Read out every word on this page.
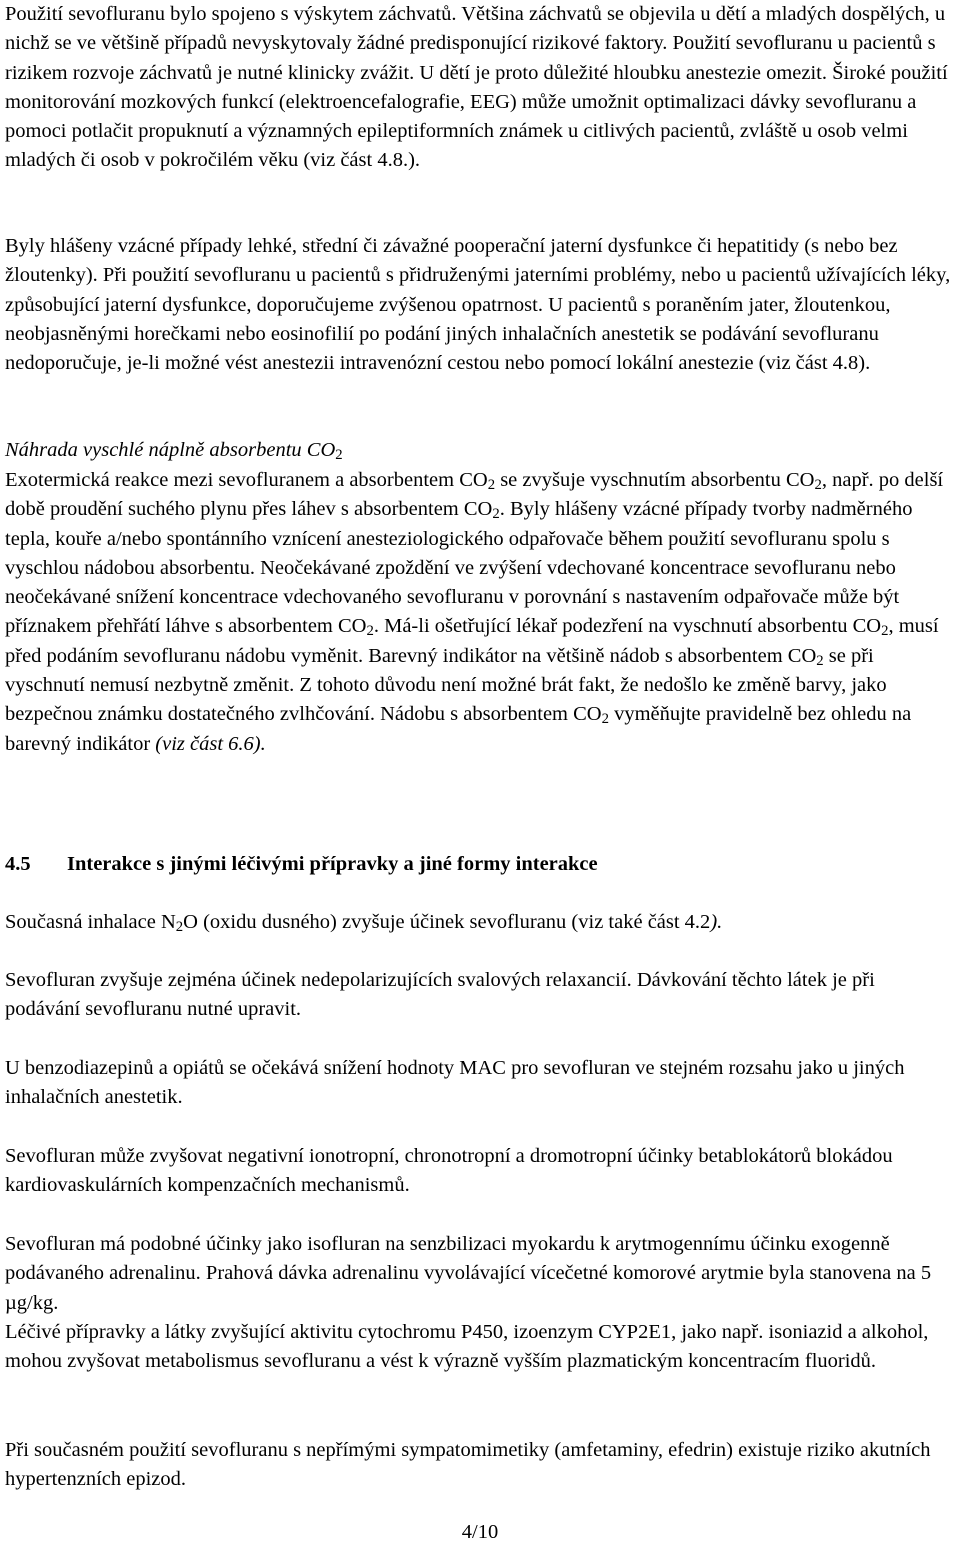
Použití sevofluranu bylo spojeno s výskytem záchvatů. Většina záchvatů se objevila u dětí a mladých dospělých, u nichž se ve většině případů nevyskytovaly žádné predisponující rizikové faktory. Použití sevofluranu u pacientů s rizikem rozvoje záchvatů je nutné klinicky zvážit. U dětí je proto důležité hloubku anestezie omezit. Široké použití monitorování mozkových funkcí (elektroencefalografie, EEG) může umožnit optimalizaci dávky sevofluranu a pomoci potlačit propuknutí a významných epileptiformních známek u citlivých pacientů, zvláště u osob velmi mladých či osob v pokročilém věku (viz část 4.8.).

Byly hlášeny vzácné případy lehké, střední či závažné pooperační jaterní dysfunkce či hepatitidy (s nebo bez žloutenky). Při použití sevofluranu u pacientů s přidruženými jaterními problémy, nebo u pacientů užívajících léky, způsobující jaterní dysfunkce, doporučujeme zvýšenou opatrnost. U pacientů s poraněním jater, žloutenkou, neobjasněnými horečkami nebo eosinofilií po podání jiných inhalačních anestetik se podávání sevofluranu nedoporučuje, je-li možné vést anestezii intravenózní cestou nebo pomocí lokální anestezie (viz část 4.8).

Náhrada vyschlé náplně absorbentu $CO_2$

Exotermická reakce mezi sevofluranem a absorbentem $CO_2$ se zvyšuje vyschnutím absorbentu $CO_2$, např. po delší době proudění suchého plynu přes láhev s absorbentem $CO_2$. Byly hlášeny vzácné případy tvorby nadměrného tepla, kouře a/nebo spontánního vznícení anesteziologického odpařovače během použití sevofluranu spolu s vyschlou nádobou absorbentu. Neočekávané zpoždění ve zvýšení vdechované koncentrace sevofluranu nebo neočekávané snížení koncentrace vdechovaného sevofluranu v porovnání s nastavením odpařovače může být příznakem přehřátí láhve s absorbentem $CO_2$. Má-li ošetřující lékař podezření na vyschnutí absorbentu $CO_2$, musí před podáním sevofluranu nádobu vyměnit. Barevný indikátor na většině nádob s absorbentem $CO_2$ se při vyschnutí nemusí nezbytně změnit. Z tohoto důvodu není možné brát fakt, že nedošlo ke změně barvy, jako bezpečnou známku dostatečného zvlhčování. Nádobu s absorbentem $CO_2$ vyměňujte pravidelně bez ohledu na barevný indikátor (viz část 6.6).

4.5 Interakce s jinými léčivými přípravky a jiné formy interakce

Současná inhalace $N_2O$ (oxidu dusného) zvyšuje účinek sevofluranu (viz také část 4.2).

Sevofluran zvyšuje zejména účinek nedepolarizujících svalových relaxancií. Dávkování těchto látek je při podávání sevofluranu nutné upravit.

U benzodiazepinů a opiátů se očekává snížení hodnoty MAC pro sevofluran ve stejném rozsahu jako u jiných inhalačních anestetik.

Sevofluran může zvyšovat negativní ionotropní, chronotropní a dromotropní účinky betablokátorů blokádou kardiovaskulárních kompenzačních mechanismů.

Sevofluran má podobné účinky jako isofluran na senzbilizaci myokardu k arytmogennímu účinku exogenně podávaného adrenalinu. Prahová dávka adrenalinu vyvolávající vícečetné komorové arytmie byla stanovena na 5 µg/kg.

Léčivé přípravky a látky zvyšující aktivitu cytochromu P450, izoenzym CYP2E1, jako např. isoniazid a alkohol, mohou zvyšovat metabolismus sevofluranu a vést k výrazně vyšším plazmatickým koncentracím fluoridů.

Při současném použití sevofluranu s nepřímými sympatomimetiky (amfetaminy, efedrin) existuje riziko akutních hypertenzních epizod.

4/10
